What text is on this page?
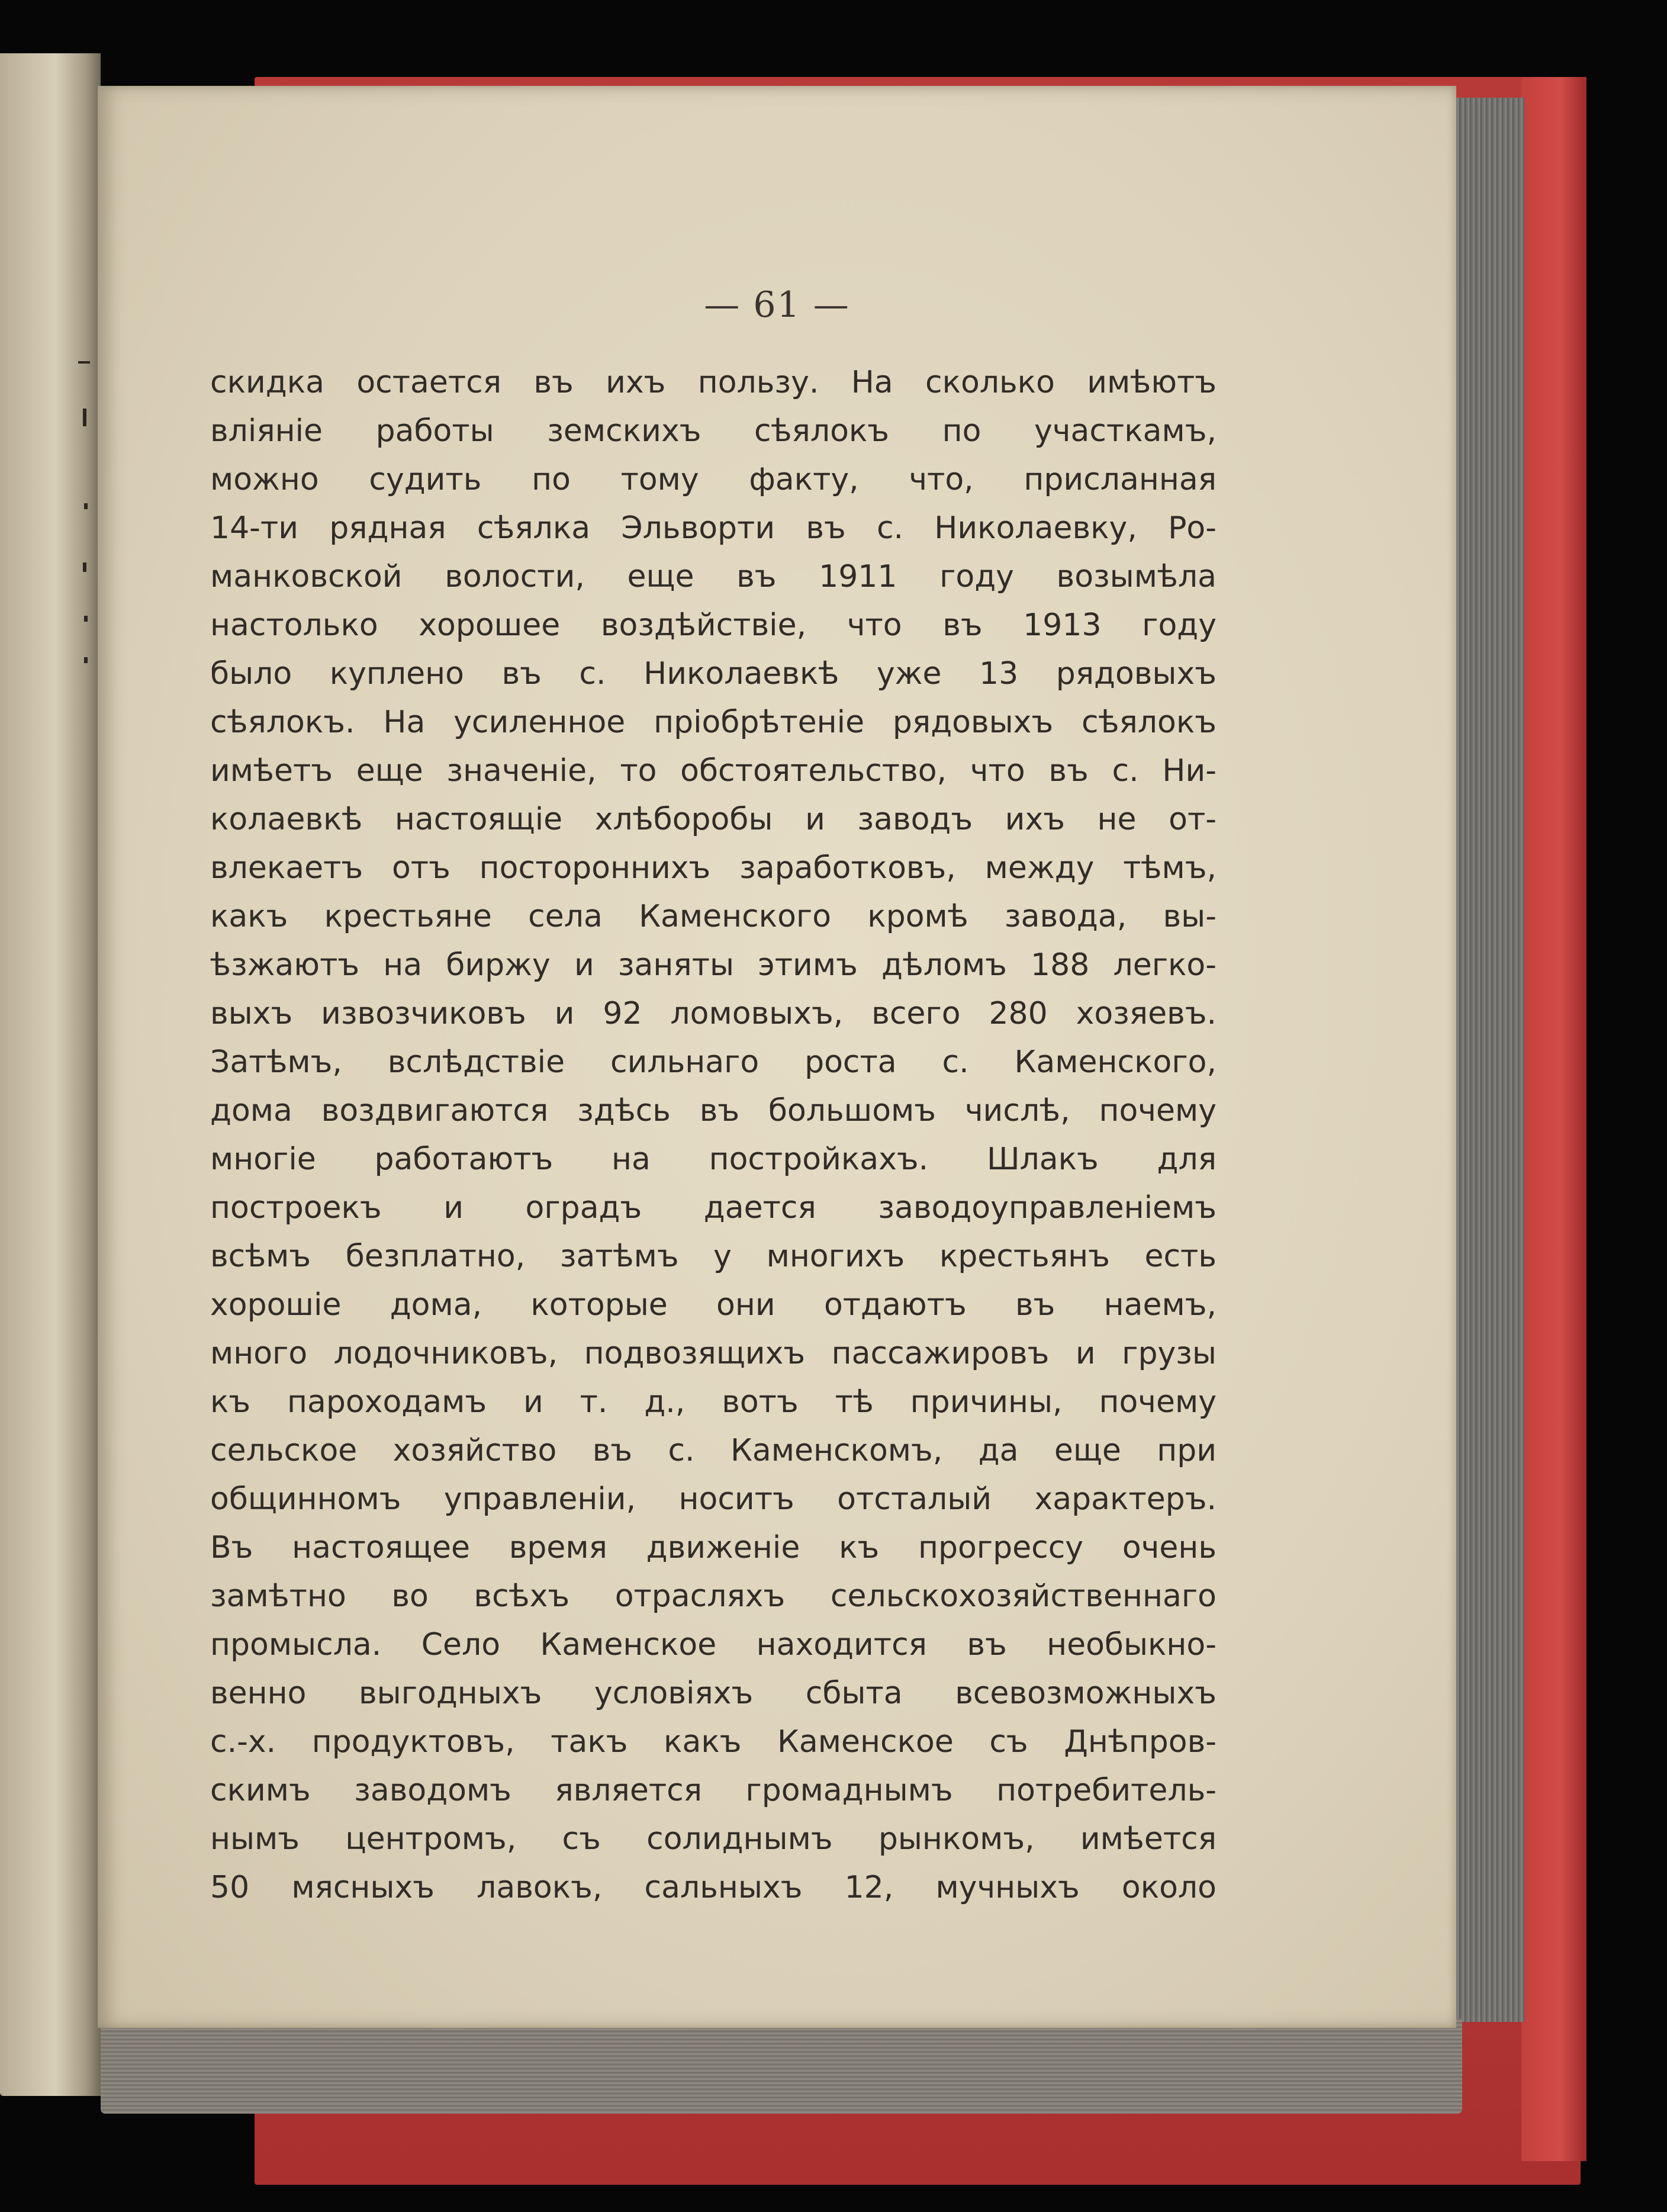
— 61 —
скидка остается въ ихъ пользу. На сколько имѣютъ
вліяніе работы земскихъ сѣялокъ по участкамъ,
можно судить по тому факту, что, присланная
14-ти рядная сѣялка Эльворти въ с. Николаевку, Ро-
манковской волости, еще въ 1911 году возымѣла
настолько хорошее воздѣйствіе, что въ 1913 году
было куплено въ с. Николаевкѣ уже 13 рядовыхъ
сѣялокъ. На усиленное пріобрѣтеніе рядовыхъ сѣялокъ
имѣетъ еще значеніе, то обстоятельство, что въ с. Ни-
колаевкѣ настоящіе хлѣборобы и заводъ ихъ не от-
влекаетъ отъ постороннихъ заработковъ, между тѣмъ,
какъ крестьяне села Каменского кромѣ завода, вы-
ѣзжаютъ на биржу и заняты этимъ дѣломъ 188 легко-
выхъ извозчиковъ и 92 ломовыхъ, всего 280 хозяевъ.
Затѣмъ, вслѣдствіе сильнаго роста с. Каменского,
дома воздвигаются здѣсь въ большомъ числѣ, почему
многіе работаютъ на постройкахъ. Шлакъ для
построекъ и оградъ дается заводоуправленіемъ
всѣмъ безплатно, затѣмъ у многихъ крестьянъ есть
хорошіе дома, которые они отдаютъ въ наемъ,
много лодочниковъ, подвозящихъ пассажировъ и грузы
къ пароходамъ и т. д., вотъ тѣ причины, почему
сельское хозяйство въ с. Каменскомъ, да еще при
общинномъ управленіи, носитъ отсталый характеръ.
Въ настоящее время движеніе къ прогрессу очень
замѣтно во всѣхъ отрасляхъ сельскохозяйственнаго
промысла. Село Каменское находится въ необыкно-
венно выгодныхъ условіяхъ сбыта всевозможныхъ
с.-х. продуктовъ, такъ какъ Каменское съ Днѣпров-
скимъ заводомъ является громаднымъ потребитель-
нымъ центромъ, съ солиднымъ рынкомъ, имѣется
50 мясныхъ лавокъ, сальныхъ 12, мучныхъ около
